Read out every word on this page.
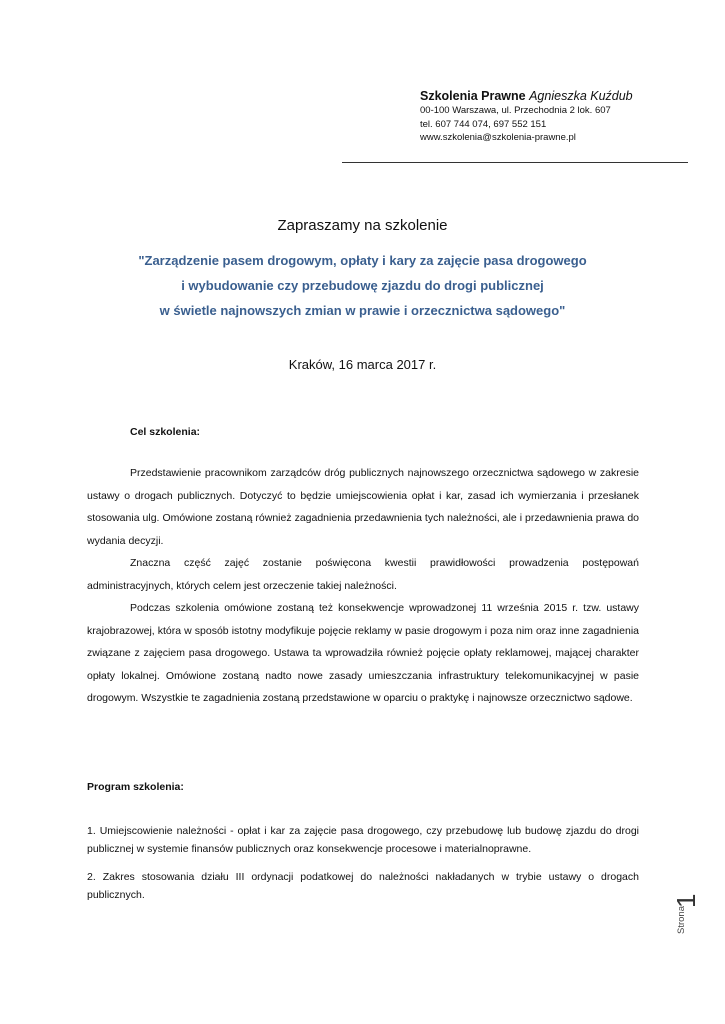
Szkolenia Prawne Agnieszka Kuźdub
00-100 Warszawa, ul. Przechodnia 2 lok. 607
tel. 607 744 074, 697 552 151
www.szkolenia@szkolenia-prawne.pl
Zapraszamy na szkolenie
"Zarządzenie pasem drogowym, opłaty i kary za zajęcie pasa drogowego
i wybudowanie czy przebudowę zjazdu do drogi publicznej
w świetle najnowszych zmian w prawie i orzecznictwa sądowego"
Kraków, 16 marca 2017 r.
Cel szkolenia:

Przedstawienie pracownikom zarządców dróg publicznych najnowszego orzecznictwa sądowego w zakresie ustawy o drogach publicznych. Dotyczyć to będzie umiejscowienia opłat i kar, zasad ich wymierzania i przesłanek stosowania ulg. Omówione zostaną również zagadnienia przedawnienia tych należności, ale i przedawnienia prawa do wydania decyzji.

Znaczna część zajęć zostanie poświęcona kwestii prawidłowości prowadzenia postępowań administracyjnych, których celem jest orzeczenie takiej należności.

Podczas szkolenia omówione zostaną też konsekwencje wprowadzonej 11 września 2015 r. tzw. ustawy krajobrazowej, która w sposób istotny modyfikuje pojęcie reklamy w pasie drogowym i poza nim oraz inne zagadnienia związane z zajęciem pasa drogowego. Ustawa ta wprowadziła również pojęcie opłaty reklamowej, mającej charakter opłaty lokalnej. Omówione zostaną nadto nowe zasady umieszczania infrastruktury telekomunikacyjnej w pasie drogowym. Wszystkie te zagadnienia zostaną przedstawione w oparciu o praktykę i najnowsze orzecznictwo sądowe.

Program szkolenia:
1. Umiejscowienie należności - opłat i kar za zajęcie pasa drogowego, czy przebudowę lub budowę zjazdu do drogi publicznej w systemie finansów publicznych oraz konsekwencje procesowe i materialnoprawne.
2. Zakres stosowania działu III ordynacji podatkowej do należności nakładanych w trybie ustawy o drogach publicznych.
Strona
1
